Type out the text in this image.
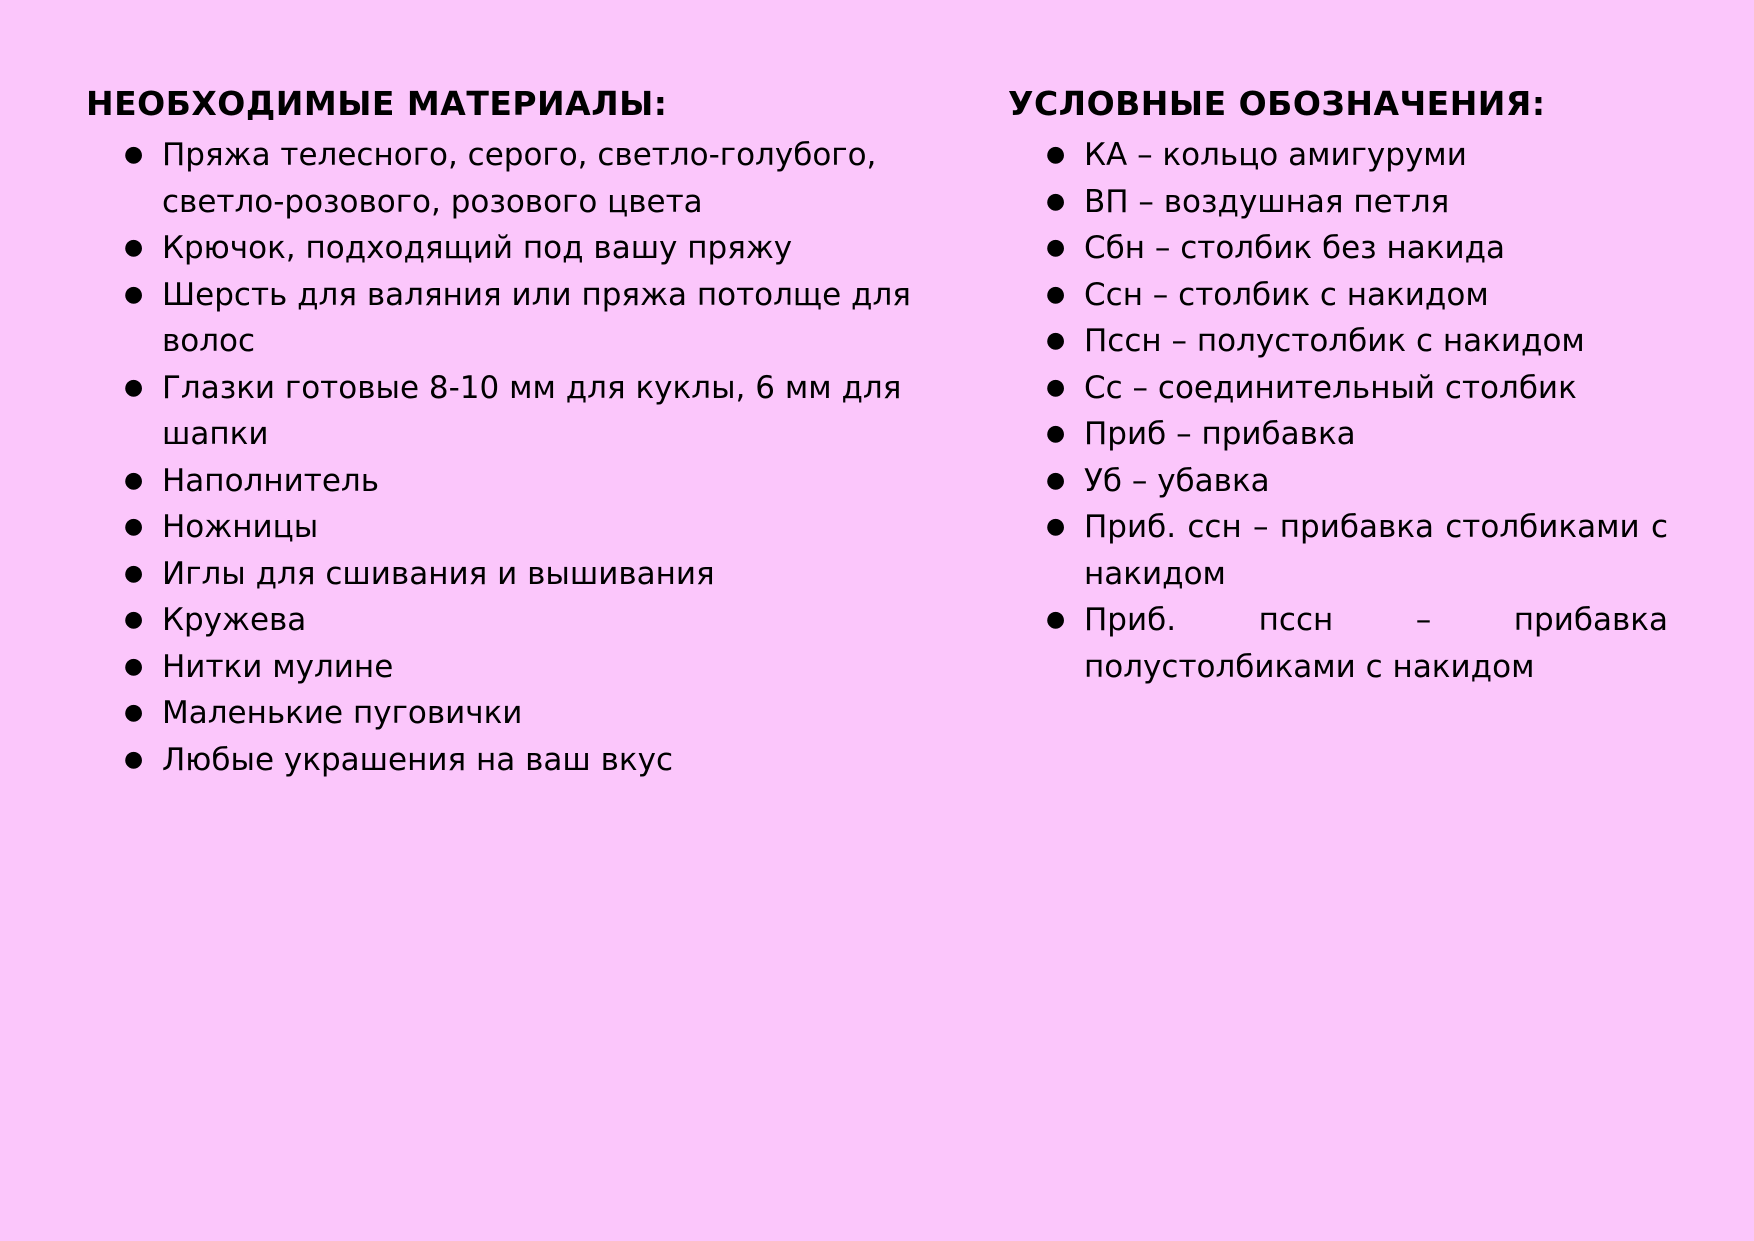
НЕОБХОДИМЫЕ МАТЕРИАЛЫ:
● Пряжа телесного, серого, светло-голубого, светло-розового, розового цвета
● Крючок, подходящий под вашу пряжу
● Шерсть для валяния или пряжа потолще для волос
● Глазки готовые 8-10 мм для куклы, 6 мм для шапки
● Наполнитель
● Ножницы
● Иглы для сшивания и вышивания
● Кружева
● Нитки мулине
● Маленькие пуговички
● Любые украшения на ваш вкус
УСЛОВНЫЕ ОБОЗНАЧЕНИЯ:
● КА – кольцо амигуруми
● ВП – воздушная петля
● Сбн – столбик без накида
● Ссн – столбик с накидом
● Пссн – полустолбик с накидом
● Сс – соединительный столбик
● Приб – прибавка
● Уб – убавка
● Приб. ссн – прибавка столбиками с накидом
● Приб. пссн – прибавка полустолбиками с накидом
